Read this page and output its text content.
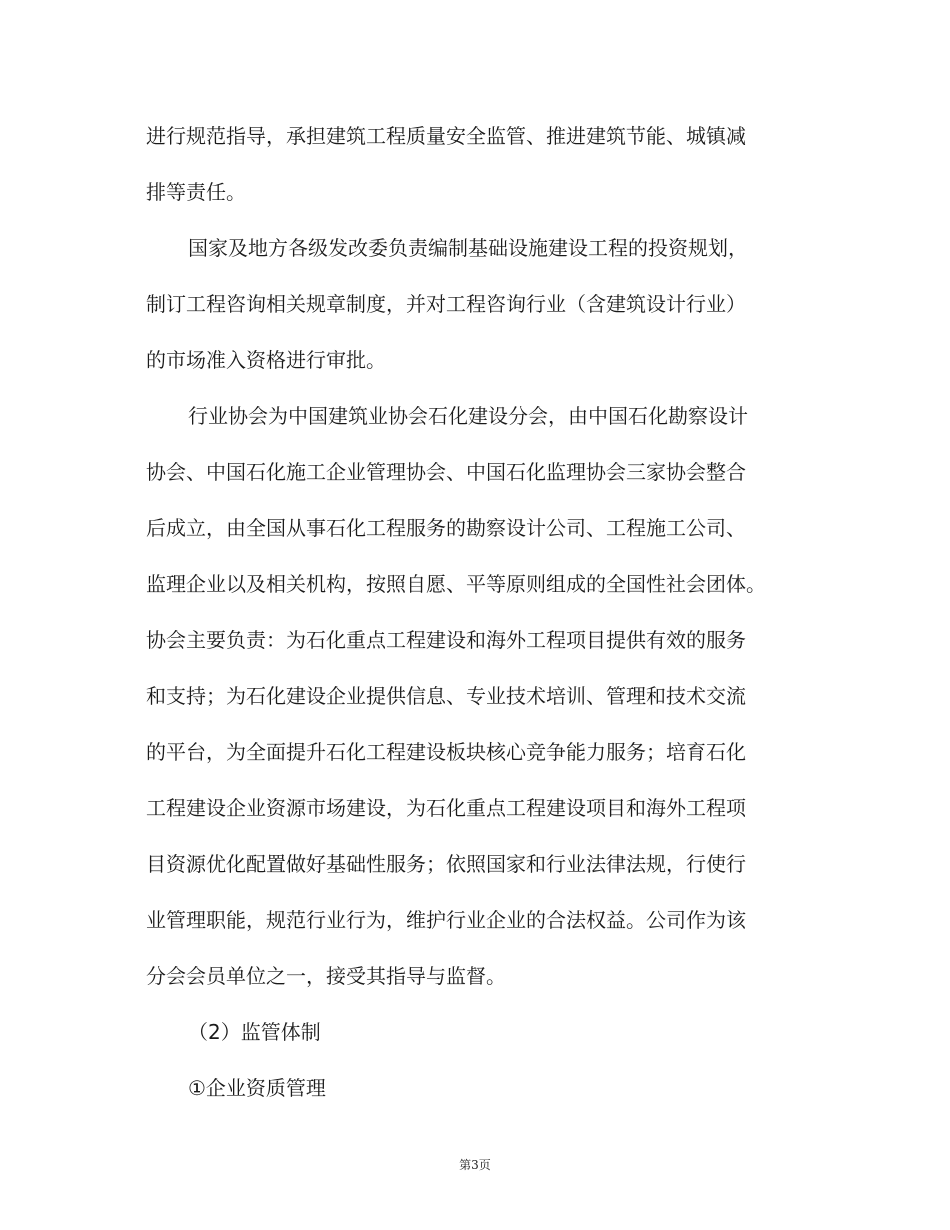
进行规范指导，承担建筑工程质量安全监管、推进建筑节能、城镇减
排等责任。
国家及地方各级发改委负责编制基础设施建设工程的投资规划，
制订工程咨询相关规章制度，并对工程咨询行业（含建筑设计行业）
的市场准入资格进行审批。
行业协会为中国建筑业协会石化建设分会，由中国石化勘察设计
协会、中国石化施工企业管理协会、中国石化监理协会三家协会整合
后成立，由全国从事石化工程服务的勘察设计公司、工程施工公司、
监理企业以及相关机构，按照自愿、平等原则组成的全国性社会团体。
协会主要负责：为石化重点工程建设和海外工程项目提供有效的服务
和支持；为石化建设企业提供信息、专业技术培训、管理和技术交流
的平台，为全面提升石化工程建设板块核心竞争能力服务；培育石化
工程建设企业资源市场建设，为石化重点工程建设项目和海外工程项
目资源优化配置做好基础性服务；依照国家和行业法律法规，行使行
业管理职能，规范行业行为，维护行业企业的合法权益。公司作为该
分会会员单位之一，接受其指导与监督。
（2）监管体制
①企业资质管理
第3页
